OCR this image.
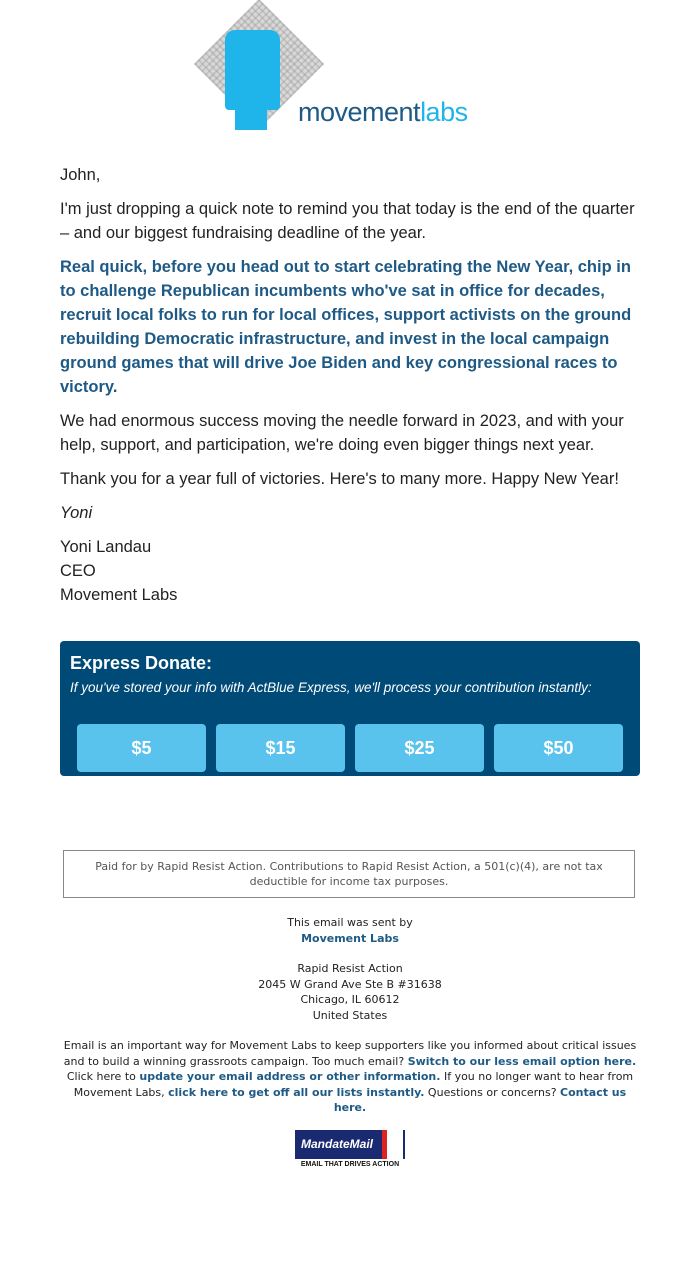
movementlabs

John,

I'm just dropping a quick note to remind you that today is the end of the quarter – and our biggest fundraising deadline of the year.

Real quick, before you head out to start celebrating the New Year, chip in to challenge Republican incumbents who've sat in office for decades, recruit local folks to run for local offices, support activists on the ground rebuilding Democratic infrastructure, and invest in the local campaign ground games that will drive Joe Biden and key congressional races to victory.

We had enormous success moving the needle forward in 2023, and with your help, support, and participation, we're doing even bigger things next year.

Thank you for a year full of victories. Here's to many more. Happy New Year!

Yoni

Yoni Landau
CEO
Movement Labs
Express Donate:
If you've stored your info with ActBlue Express, we'll process your contribution instantly:
$5	$15	$25	$50
Paid for by Rapid Resist Action. Contributions to Rapid Resist Action, a 501(c)(4), are not tax deductible for income tax purposes.
This email was sent by
Movement Labs
Rapid Resist Action
2045 W Grand Ave Ste B #31638
Chicago, IL 60612
United States
Email is an important way for Movement Labs to keep supporters like you informed about critical issues and to build a winning grassroots campaign. Too much email? Switch to our less email option here. Click here to update your email address or other information. If you no longer want to hear from Movement Labs, click here to get off all our lists instantly. Questions or concerns? Contact us here.
MandateMail
EMAIL THAT DRIVES ACTION
